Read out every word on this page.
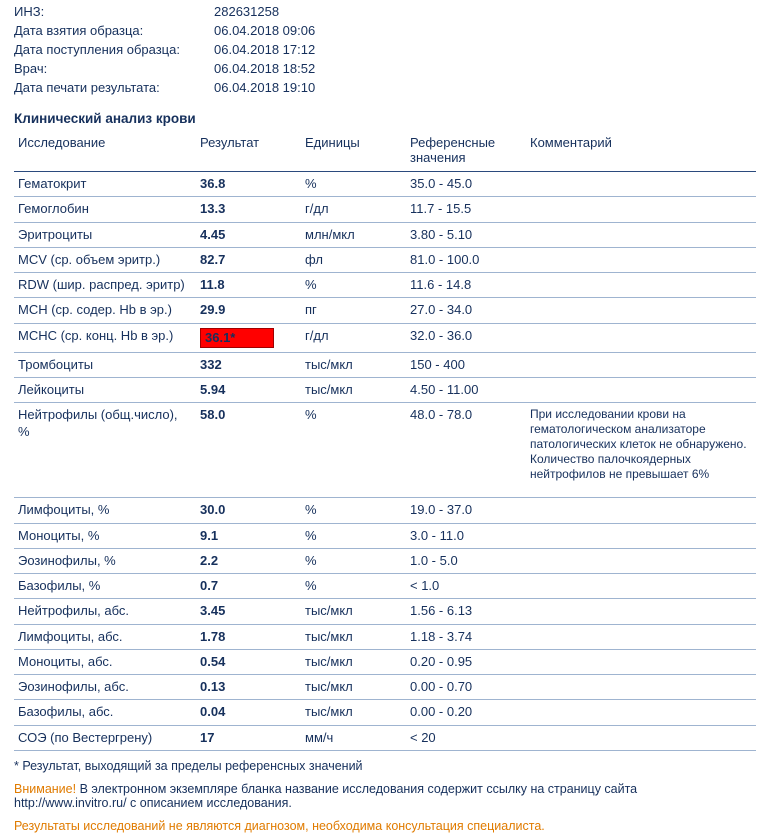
ИНЗ:	282631258
Дата взятия образца:	06.04.2018 09:06
Дата поступления образца:	06.04.2018 17:12
Врач:	06.04.2018 18:52
Дата печати результата:	06.04.2018 19:10
Клинический анализ крови
Исследование	Результат	Единицы	Референсные
значения	Комментарий
Гематокрит	36.8	%	35.0 - 45.0	
Гемоглобин	13.3	г/дл	11.7 - 15.5	
Эритроциты	4.45	млн/мкл	3.80 - 5.10	
MCV (ср. объем эритр.)	82.7	фл	81.0 - 100.0	
RDW (шир. распред. эритр)	11.8	%	11.6 - 14.8	
MCH (ср. содер. Hb в эр.)	29.9	пг	27.0 - 34.0	
MCHC (ср. конц. Hb в эр.)	36.1*	г/дл	32.0 - 36.0	
Тромбоциты	332	тыс/мкл	150 - 400	
Лейкоциты	5.94	тыс/мкл	4.50 - 11.00	
Нейтрофилы (общ.число), %	58.0	%	48.0 - 78.0	При исследовании крови на гематологическом анализаторе патологических клеток не обнаружено. Количество палочкоядерных нейтрофилов не превышает 6%
Лимфоциты, %	30.0	%	19.0 - 37.0	
Моноциты, %	9.1	%	3.0 - 11.0	
Эозинофилы, %	2.2	%	1.0 - 5.0	
Базофилы, %	0.7	%	< 1.0	
Нейтрофилы, абс.	3.45	тыс/мкл	1.56 - 6.13	
Лимфоциты, абс.	1.78	тыс/мкл	1.18 - 3.74	
Моноциты, абс.	0.54	тыс/мкл	0.20 - 0.95	
Эозинофилы, абс.	0.13	тыс/мкл	0.00 - 0.70	
Базофилы, абс.	0.04	тыс/мкл	0.00 - 0.20	
СОЭ (по Вестергрену)	17	мм/ч	< 20	
* Результат, выходящий за пределы референсных значений
Внимание! В электронном экземпляре бланка название исследования содержит ссылку на страницу сайта
http://www.invitro.ru/ с описанием исследования.
Результаты исследований не являются диагнозом, необходима консультация специалиста.
